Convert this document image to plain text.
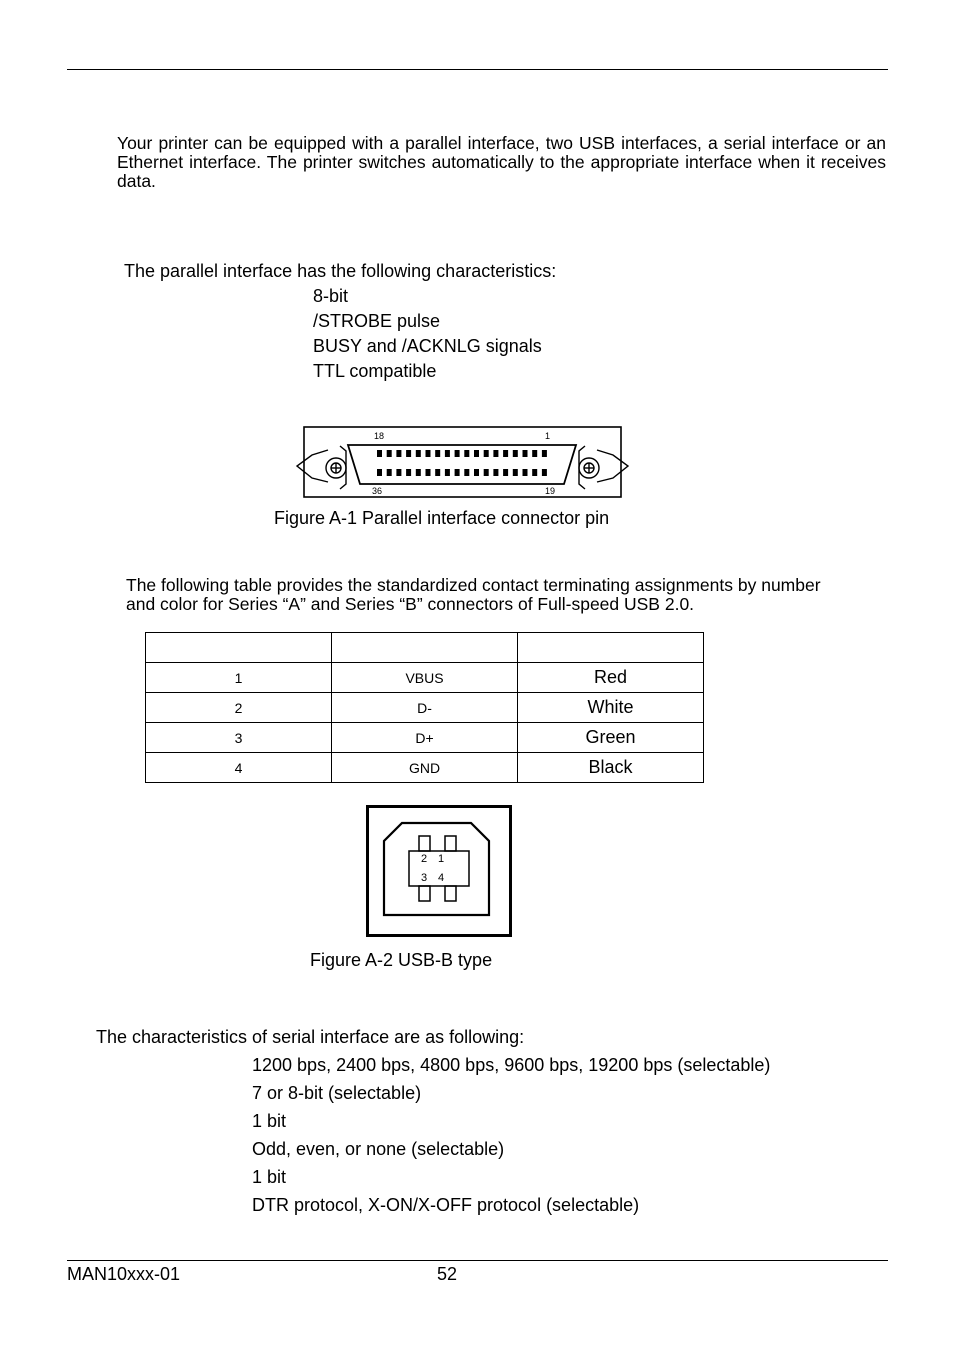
Your printer can be equipped with a parallel interface, two USB interfaces, a serial interface or an Ethernet interface. The printer switches automatically to the appropriate interface when it receives data.
The parallel interface has the following characteristics:
8-bit
/STROBE pulse
BUSY and /ACKNLG signals
TTL compatible
18	1
36	19
Figure A-1 Parallel interface connector pin
The following table provides the standardized contact terminating assignments by number and color for Series “A” and Series “B” connectors of Full-speed USB 2.0.

1	VBUS	Red
2	D-	White
3	D+	Green
4	GND	Black
2 1
3 4
Figure A-2 USB-B type
The characteristics of serial interface are as following:
1200 bps, 2400 bps, 4800 bps, 9600 bps, 19200 bps (selectable)
7 or 8-bit (selectable)
1 bit
Odd, even, or none (selectable)
1 bit
DTR protocol, X-ON/X-OFF protocol (selectable)
MAN10xxx-01	52
